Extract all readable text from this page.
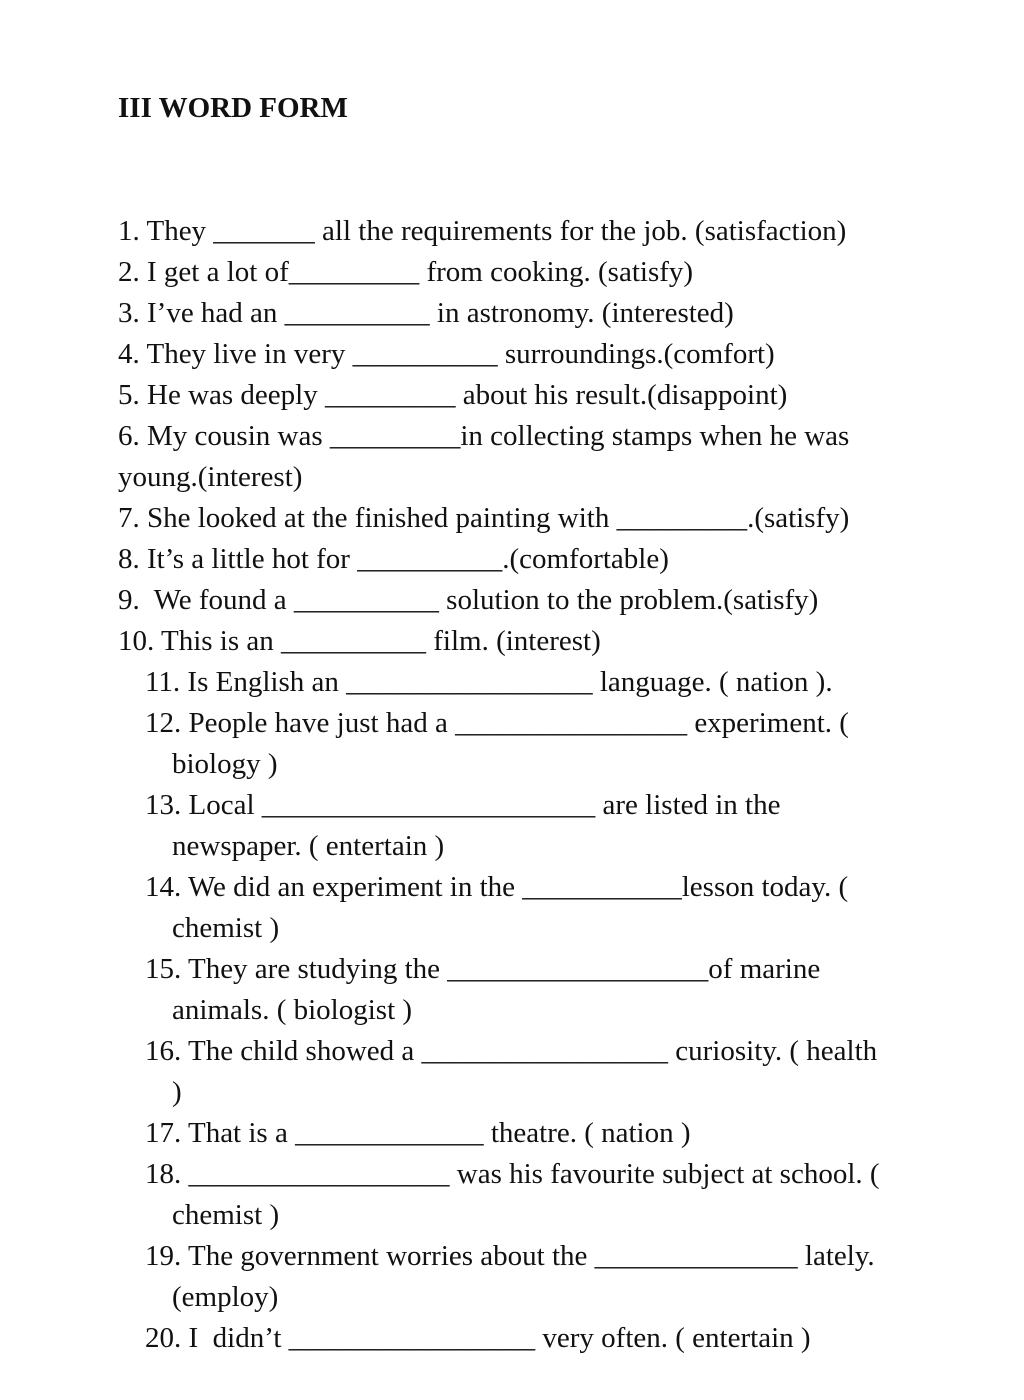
III WORD FORM

1. They _______ all the requirements for the job. (satisfaction)
2. I get a lot of_________ from cooking. (satisfy)
3. I’ve had an __________ in astronomy. (interested)
4. They live in very __________ surroundings.(comfort)
5. He was deeply _________ about his result.(disappoint)
6. My cousin was _________in collecting stamps when he was
young.(interest)
7. She looked at the finished painting with _________.(satisfy)
8. It’s a little hot for __________.(comfortable)
9.  We found a __________ solution to the problem.(satisfy)
10. This is an __________ film. (interest)
11. Is English an _________________ language. ( nation ).
12. People have just had a ________________ experiment. (
biology )
13. Local _______________________ are listed in the
newspaper. ( entertain )
14. We did an experiment in the ___________lesson today. (
chemist )
15. They are studying the __________________of marine
animals. ( biologist )
16. The child showed a _________________ curiosity. ( health
)
17. That is a _____________ theatre. ( nation )
18. __________________ was his favourite subject at school. (
chemist )
19. The government worries about the ______________ lately.
(employ)
20. I  didn’t _________________ very often. ( entertain )
